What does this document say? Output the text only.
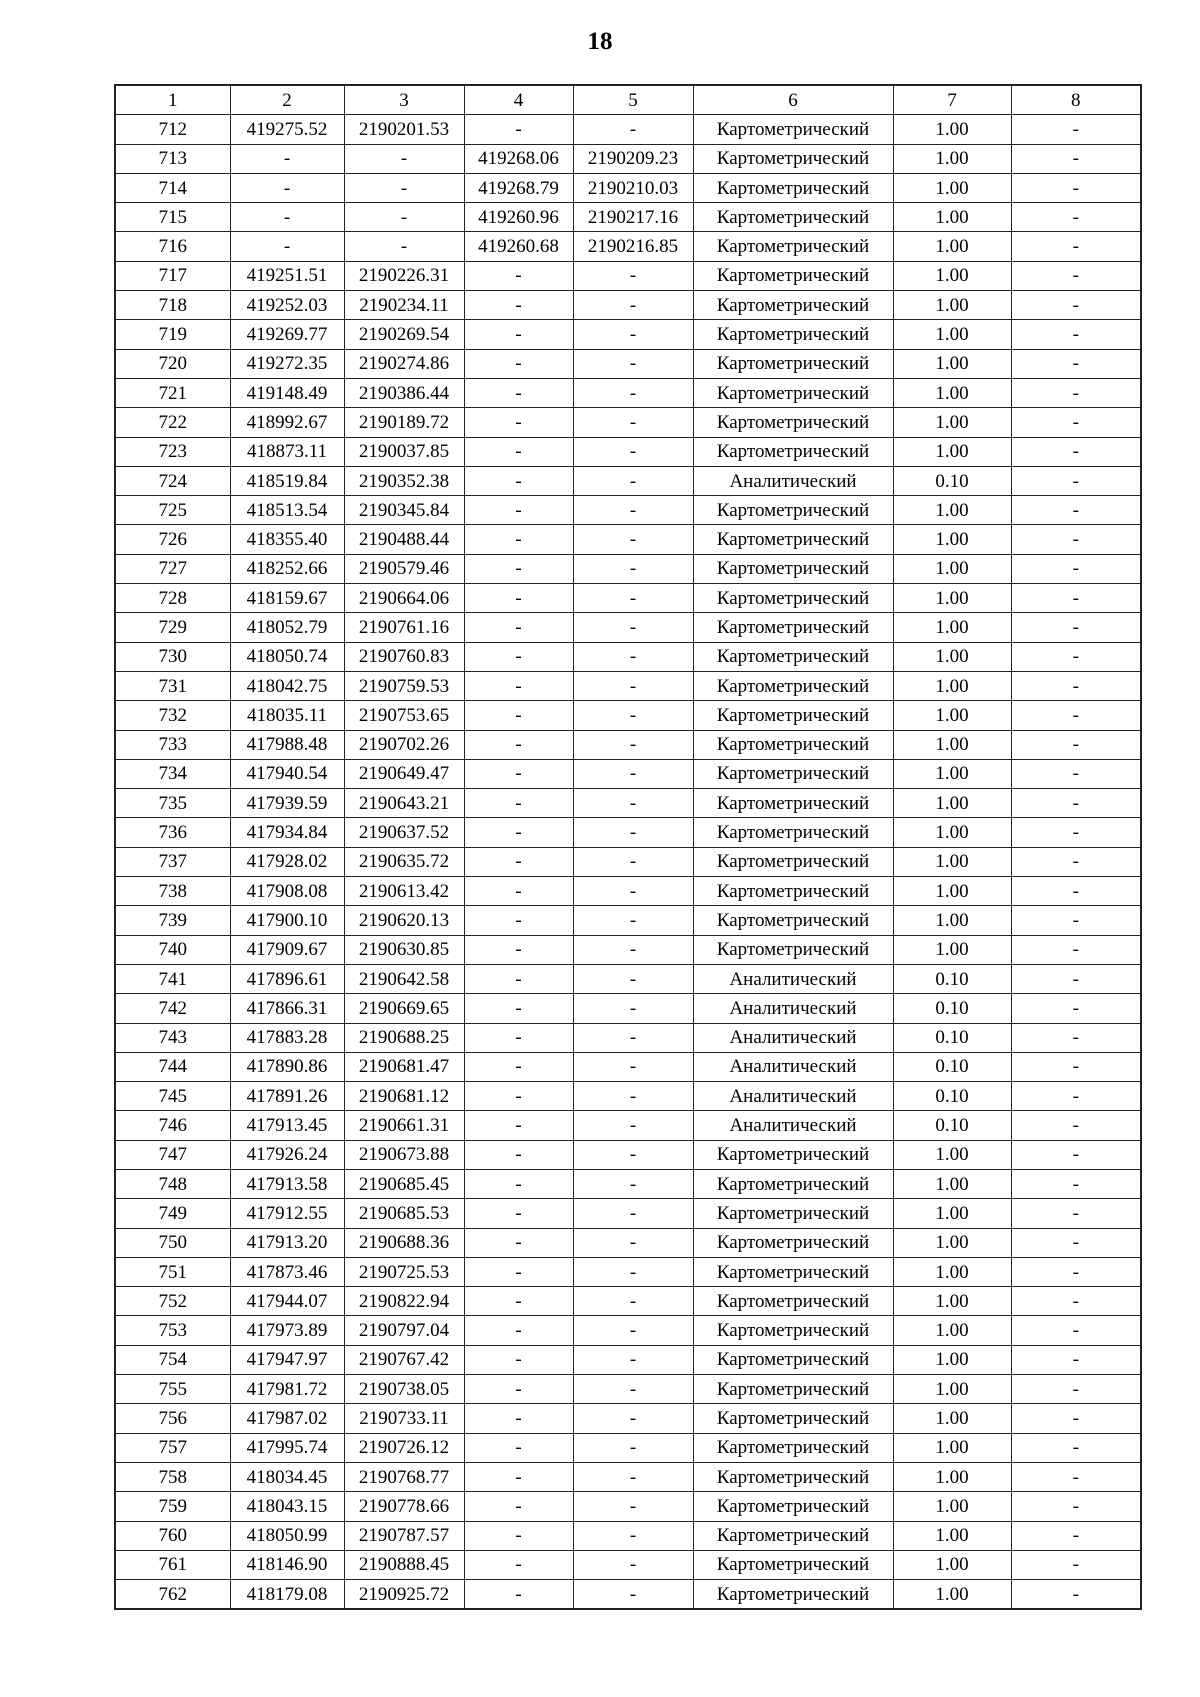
18
1	2	3	4	5	6	7	8
712	419275.52	2190201.53	-	-	Картометрический	1.00	-
713	-	-	419268.06	2190209.23	Картометрический	1.00	-
714	-	-	419268.79	2190210.03	Картометрический	1.00	-
715	-	-	419260.96	2190217.16	Картометрический	1.00	-
716	-	-	419260.68	2190216.85	Картометрический	1.00	-
717	419251.51	2190226.31	-	-	Картометрический	1.00	-
718	419252.03	2190234.11	-	-	Картометрический	1.00	-
719	419269.77	2190269.54	-	-	Картометрический	1.00	-
720	419272.35	2190274.86	-	-	Картометрический	1.00	-
721	419148.49	2190386.44	-	-	Картометрический	1.00	-
722	418992.67	2190189.72	-	-	Картометрический	1.00	-
723	418873.11	2190037.85	-	-	Картометрический	1.00	-
724	418519.84	2190352.38	-	-	Аналитический	0.10	-
725	418513.54	2190345.84	-	-	Картометрический	1.00	-
726	418355.40	2190488.44	-	-	Картометрический	1.00	-
727	418252.66	2190579.46	-	-	Картометрический	1.00	-
728	418159.67	2190664.06	-	-	Картометрический	1.00	-
729	418052.79	2190761.16	-	-	Картометрический	1.00	-
730	418050.74	2190760.83	-	-	Картометрический	1.00	-
731	418042.75	2190759.53	-	-	Картометрический	1.00	-
732	418035.11	2190753.65	-	-	Картометрический	1.00	-
733	417988.48	2190702.26	-	-	Картометрический	1.00	-
734	417940.54	2190649.47	-	-	Картометрический	1.00	-
735	417939.59	2190643.21	-	-	Картометрический	1.00	-
736	417934.84	2190637.52	-	-	Картометрический	1.00	-
737	417928.02	2190635.72	-	-	Картометрический	1.00	-
738	417908.08	2190613.42	-	-	Картометрический	1.00	-
739	417900.10	2190620.13	-	-	Картометрический	1.00	-
740	417909.67	2190630.85	-	-	Картометрический	1.00	-
741	417896.61	2190642.58	-	-	Аналитический	0.10	-
742	417866.31	2190669.65	-	-	Аналитический	0.10	-
743	417883.28	2190688.25	-	-	Аналитический	0.10	-
744	417890.86	2190681.47	-	-	Аналитический	0.10	-
745	417891.26	2190681.12	-	-	Аналитический	0.10	-
746	417913.45	2190661.31	-	-	Аналитический	0.10	-
747	417926.24	2190673.88	-	-	Картометрический	1.00	-
748	417913.58	2190685.45	-	-	Картометрический	1.00	-
749	417912.55	2190685.53	-	-	Картометрический	1.00	-
750	417913.20	2190688.36	-	-	Картометрический	1.00	-
751	417873.46	2190725.53	-	-	Картометрический	1.00	-
752	417944.07	2190822.94	-	-	Картометрический	1.00	-
753	417973.89	2190797.04	-	-	Картометрический	1.00	-
754	417947.97	2190767.42	-	-	Картометрический	1.00	-
755	417981.72	2190738.05	-	-	Картометрический	1.00	-
756	417987.02	2190733.11	-	-	Картометрический	1.00	-
757	417995.74	2190726.12	-	-	Картометрический	1.00	-
758	418034.45	2190768.77	-	-	Картометрический	1.00	-
759	418043.15	2190778.66	-	-	Картометрический	1.00	-
760	418050.99	2190787.57	-	-	Картометрический	1.00	-
761	418146.90	2190888.45	-	-	Картометрический	1.00	-
762	418179.08	2190925.72	-	-	Картометрический	1.00	-
